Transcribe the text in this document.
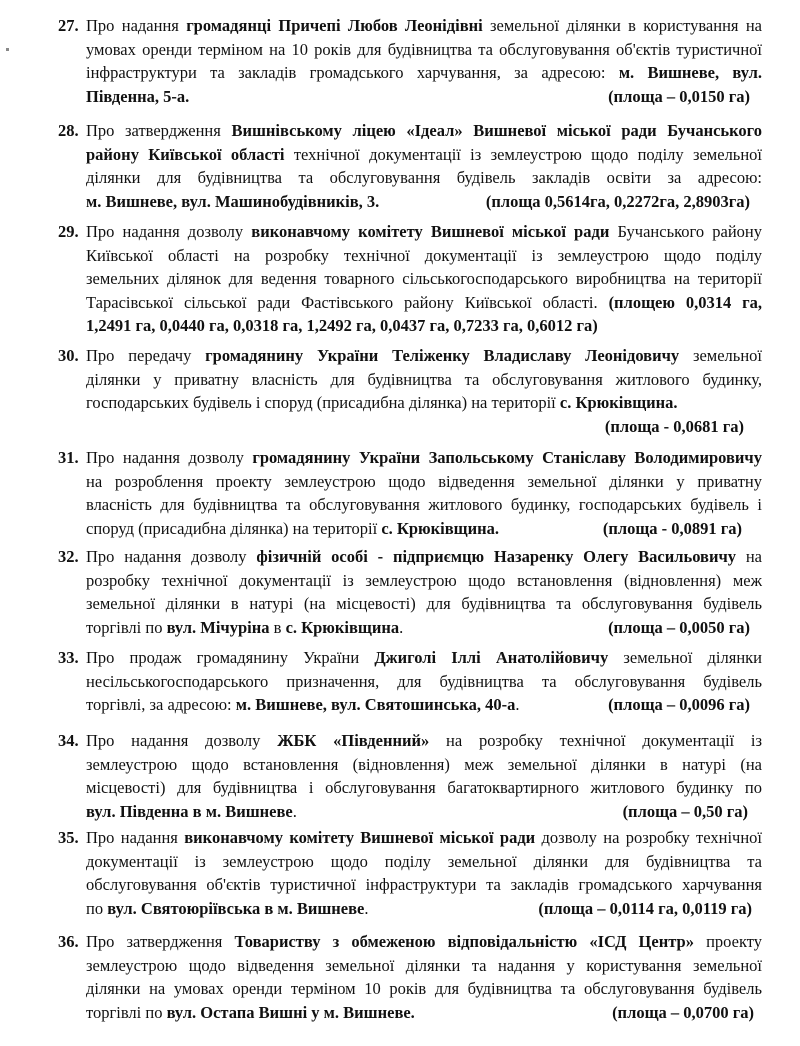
27. Про надання громадянці Причепі Любов Леонідівні земельної ділянки в користування на
умовах оренди терміном на 10 років для будівництва та обслуговування об'єктів туристичної
інфраструктури та закладів громадського харчування, за адресою: м. Вишневе, вул.
Південна, 5-а.	(площа – 0,0150 га)
28. Про затвердження Вишнівському ліцею «Ідеал» Вишневої міської ради Бучанського
району Київської області технічної документації із землеустрою щодо поділу земельної
ділянки для будівництва та обслуговування будівель закладів освіти за адресою:
м. Вишневе, вул. Машинобудівників, 3.	(площа 0,5614га, 0,2272га, 2,8903га)
29. Про надання дозволу виконавчому комітету Вишневої міської ради Бучанського району
Київської області на розробку технічної документації із землеустрою щодо поділу
земельних ділянок для ведення товарного сільськогосподарського виробництва на території
Тарасівської сільської ради Фастівського району Київської області. (площею 0,0314 га,
1,2491 га, 0,0440 га, 0,0318 га, 1,2492 га, 0,0437 га, 0,7233 га, 0,6012 га)
30. Про передачу громадянину України Теліженку Владиславу Леонідовичу земельної
ділянки у приватну власність для будівництва та обслуговування житлового будинку,
господарських будівель і споруд (присадибна ділянка) на території с. Крюківщина.
(площа - 0,0681 га)
31. Про надання дозволу громадянину України Запольському Станіславу Володимировичу
на розроблення проекту землеустрою щодо відведення земельної ділянки у приватну
власність для будівництва та обслуговування житлового будинку, господарських будівель і
споруд (присадибна ділянка) на території с. Крюківщина.	(площа - 0,0891 га)
32. Про надання дозволу фізичній особі - підприємцю Назаренку Олегу Васильовичу на
розробку технічної документації із землеустрою щодо встановлення (відновлення) меж
земельної ділянки в натурі (на місцевості) для будівництва та обслуговування будівель
торгівлі по вул. Мічуріна в с. Крюківщина.	(площа – 0,0050 га)
33. Про продаж громадянину України Джиголі Іллі Анатолійовичу земельної ділянки
несільськогосподарського призначення, для будівництва та обслуговування будівель
торгівлі, за адресою: м. Вишневе, вул. Святошинська, 40-а.	(площа – 0,0096 га)
34. Про надання дозволу ЖБК «Південний» на розробку технічної документації із
землеустрою щодо встановлення (відновлення) меж земельної ділянки в натурі (на
місцевості) для будівництва і обслуговування багатоквартирного житлового будинку по
вул. Південна в м. Вишневе.	(площа – 0,50 га)
35. Про надання виконавчому комітету Вишневої міської ради дозволу на розробку технічної
документації із землеустрою щодо поділу земельної ділянки для будівництва та
обслуговування об'єктів туристичної інфраструктури та закладів громадського харчування
по вул. Святоюріївська в м. Вишневе.	(площа – 0,0114 га, 0,0119 га)
36. Про затвердження Товариству з обмеженою відповідальністю «ІСД Центр» проекту
землеустрою щодо відведення земельної ділянки та надання у користування земельної
ділянки на умовах оренди терміном 10 років для будівництва та обслуговування будівель
торгівлі по вул. Остапа Вишні у м. Вишневе.	(площа – 0,0700 га)
